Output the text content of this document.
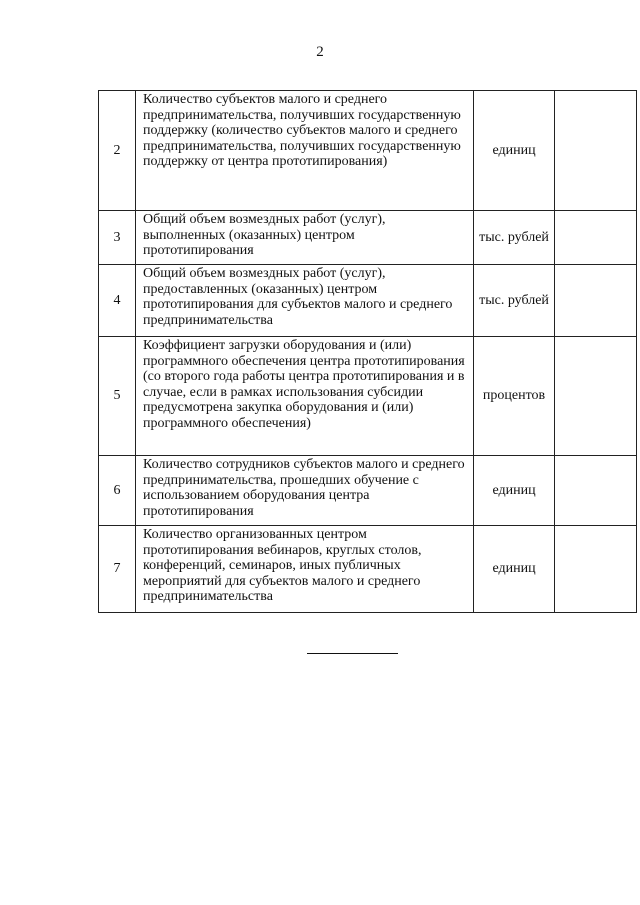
2
2	Количество субъектов малого и среднего предпринимательства, получивших государственную поддержку (количество субъектов малого и среднего предпринимательства, получивших государственную поддержку от центра прототипирования)	единиц	
3	Общий объем возмездных работ (услуг), выполненных (оказанных) центром прототипирования	тыс. рублей	
4	Общий объем возмездных работ (услуг), предоставленных (оказанных) центром прототипирования для субъектов малого и среднего предпринимательства	тыс. рублей	
5	Коэффициент загрузки оборудования и (или) программного обеспечения центра прототипирования (со второго года работы центра прототипирования и в случае, если в рамках использования субсидии предусмотрена закупка оборудования и (или) программного обеспечения)	процентов	
6	Количество сотрудников субъектов малого и среднего предпринимательства, прошедших обучение с использованием оборудования центра прототипирования	единиц	
7	Количество организованных центром прототипирования вебинаров, круглых столов, конференций, семинаров, иных публичных мероприятий для субъектов малого и среднего предпринимательства	единиц	
